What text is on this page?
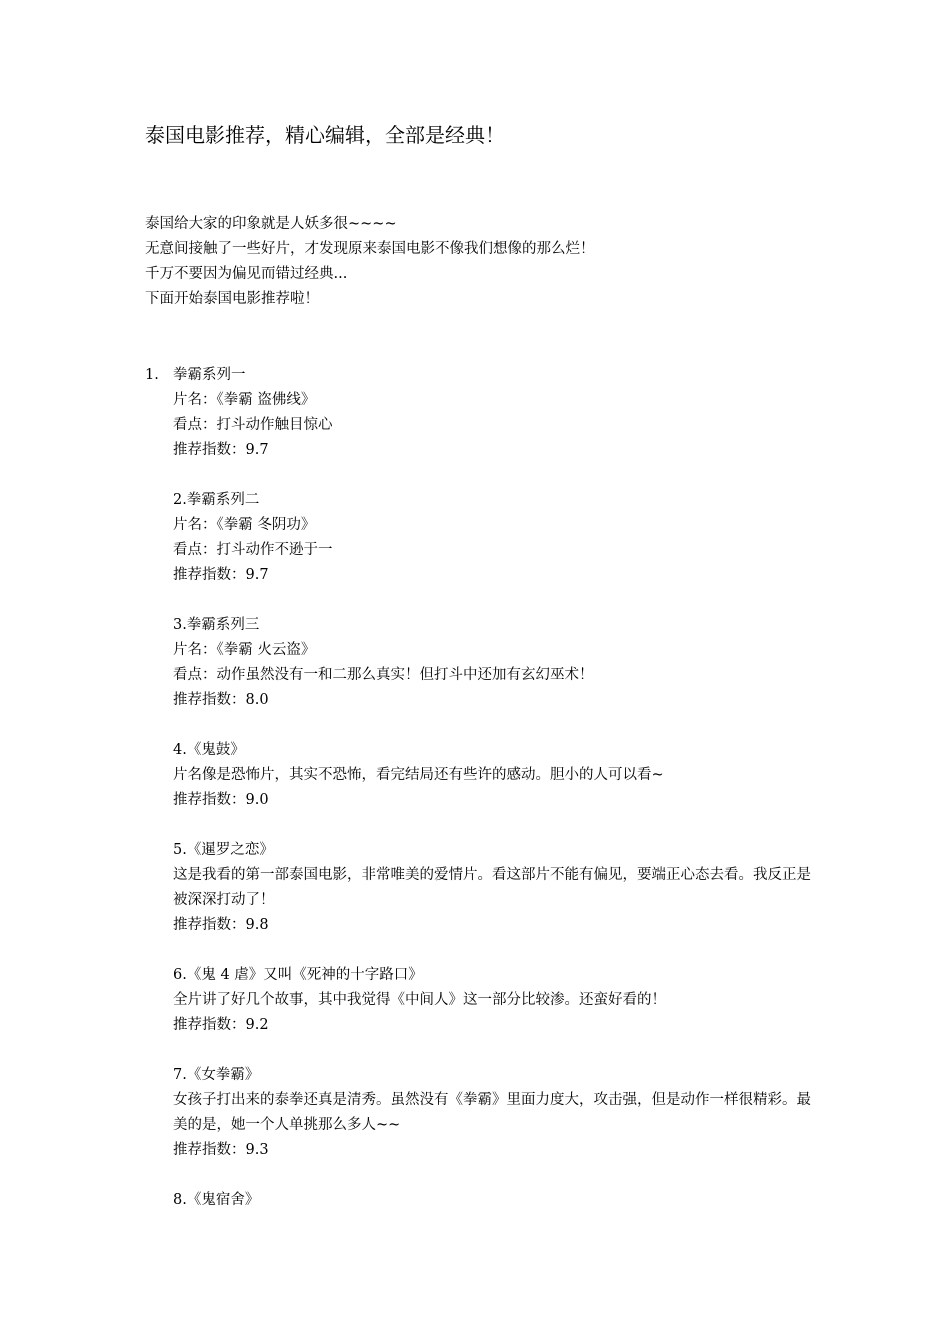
泰国电影推荐，精心编辑，全部是经典！
泰国给大家的印象就是人妖多很~~~~
无意间接触了一些好片，才发现原来泰国电影不像我们想像的那么烂！
千万不要因为偏见而错过经典...
下面开始泰国电影推荐啦！
1. 拳霸系列一
片名：《拳霸 盗佛线》
看点：打斗动作触目惊心
推荐指数：9.7
2.拳霸系列二
片名：《拳霸 冬阴功》
看点：打斗动作不逊于一
推荐指数：9.7
3.拳霸系列三
片名：《拳霸 火云盗》
看点：动作虽然没有一和二那么真实！但打斗中还加有玄幻巫术！
推荐指数：8.0
4.《鬼鼓》
片名像是恐怖片，其实不恐怖，看完结局还有些许的感动。胆小的人可以看~
推荐指数：9.0
5.《暹罗之恋》
这是我看的第一部泰国电影，非常唯美的爱情片。看这部片不能有偏见，要端正心态去看。我反正是被深深打动了！
推荐指数：9.8
6.《鬼 4 虐》又叫《死神的十字路口》
全片讲了好几个故事，其中我觉得《中间人》这一部分比较渗。还蛮好看的！
推荐指数：9.2
7.《女拳霸》
女孩子打出来的泰拳还真是清秀。虽然没有《拳霸》里面力度大，攻击强，但是动作一样很精彩。最美的是，她一个人单挑那么多人~~
推荐指数：9.3
8.《鬼宿舍》
